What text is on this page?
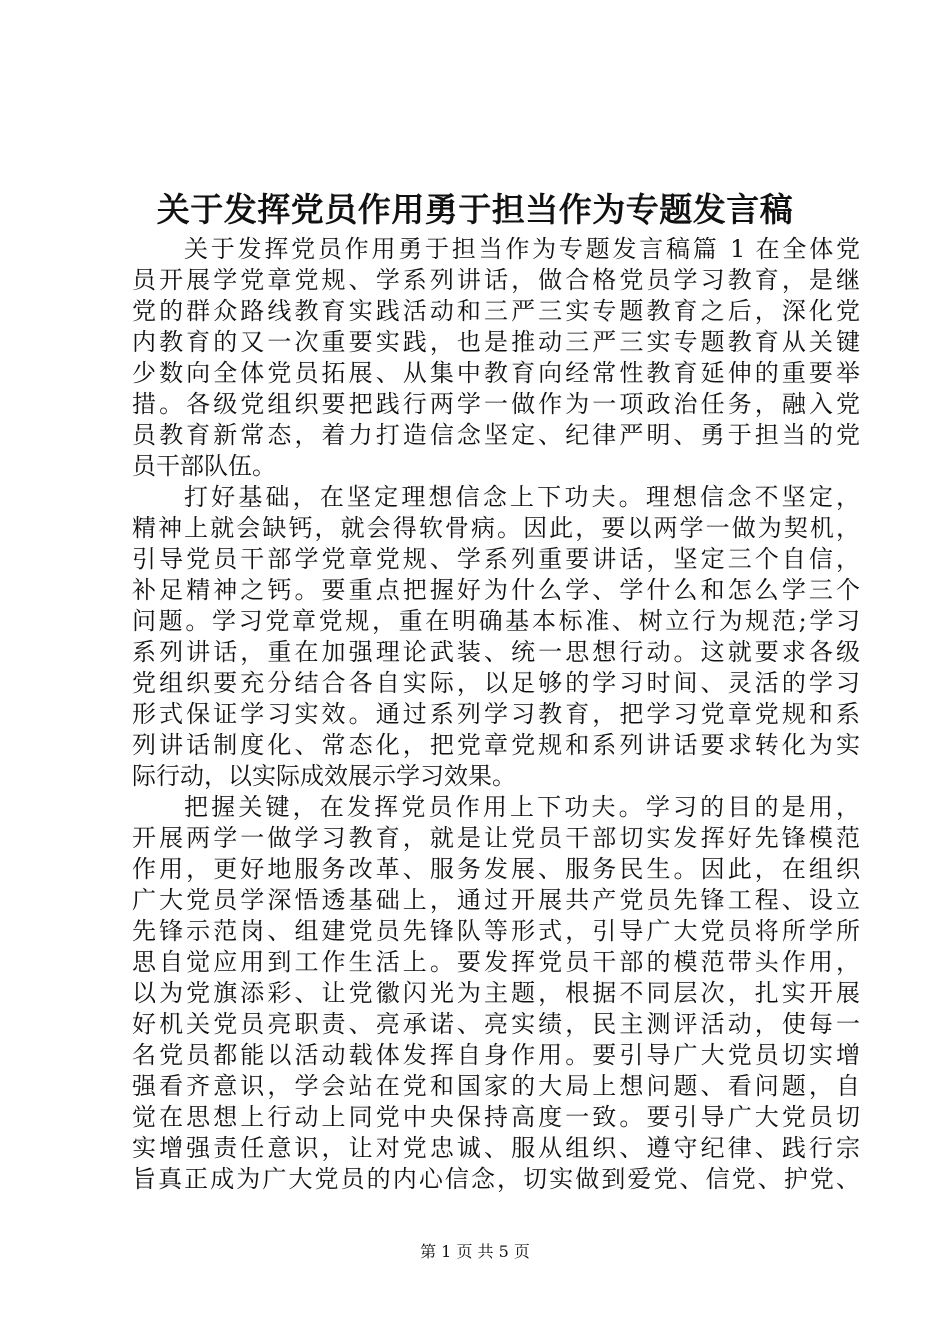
关于发挥党员作用勇于担当作为专题发言稿
关于发挥党员作用勇于担当作为专题发言稿篇 1 在全体党
员开展学党章党规、学系列讲话，做合格党员学习教育，是继
党的群众路线教育实践活动和三严三实专题教育之后，深化党
内教育的又一次重要实践，也是推动三严三实专题教育从关键
少数向全体党员拓展、从集中教育向经常性教育延伸的重要举
措。各级党组织要把践行两学一做作为一项政治任务，融入党
员教育新常态，着力打造信念坚定、纪律严明、勇于担当的党
员干部队伍。
打好基础，在坚定理想信念上下功夫。理想信念不坚定，
精神上就会缺钙，就会得软骨病。因此，要以两学一做为契机，
引导党员干部学党章党规、学系列重要讲话，坚定三个自信，
补足精神之钙。要重点把握好为什么学、学什么和怎么学三个
问题。学习党章党规，重在明确基本标准、树立行为规范;学习
系列讲话，重在加强理论武装、统一思想行动。这就要求各级
党组织要充分结合各自实际，以足够的学习时间、灵活的学习
形式保证学习实效。通过系列学习教育，把学习党章党规和系
列讲话制度化、常态化，把党章党规和系列讲话要求转化为实
际行动，以实际成效展示学习效果。
把握关键，在发挥党员作用上下功夫。学习的目的是用，
开展两学一做学习教育，就是让党员干部切实发挥好先锋模范
作用，更好地服务改革、服务发展、服务民生。因此，在组织
广大党员学深悟透基础上，通过开展共产党员先锋工程、设立
先锋示范岗、组建党员先锋队等形式，引导广大党员将所学所
思自觉应用到工作生活上。要发挥党员干部的模范带头作用，
以为党旗添彩、让党徽闪光为主题，根据不同层次，扎实开展
好机关党员亮职责、亮承诺、亮实绩，民主测评活动，使每一
名党员都能以活动载体发挥自身作用。要引导广大党员切实增
强看齐意识，学会站在党和国家的大局上想问题、看问题，自
觉在思想上行动上同党中央保持高度一致。要引导广大党员切
实增强责任意识，让对党忠诚、服从组织、遵守纪律、践行宗
旨真正成为广大党员的内心信念，切实做到爱党、信党、护党、
第 1 页 共 5 页
